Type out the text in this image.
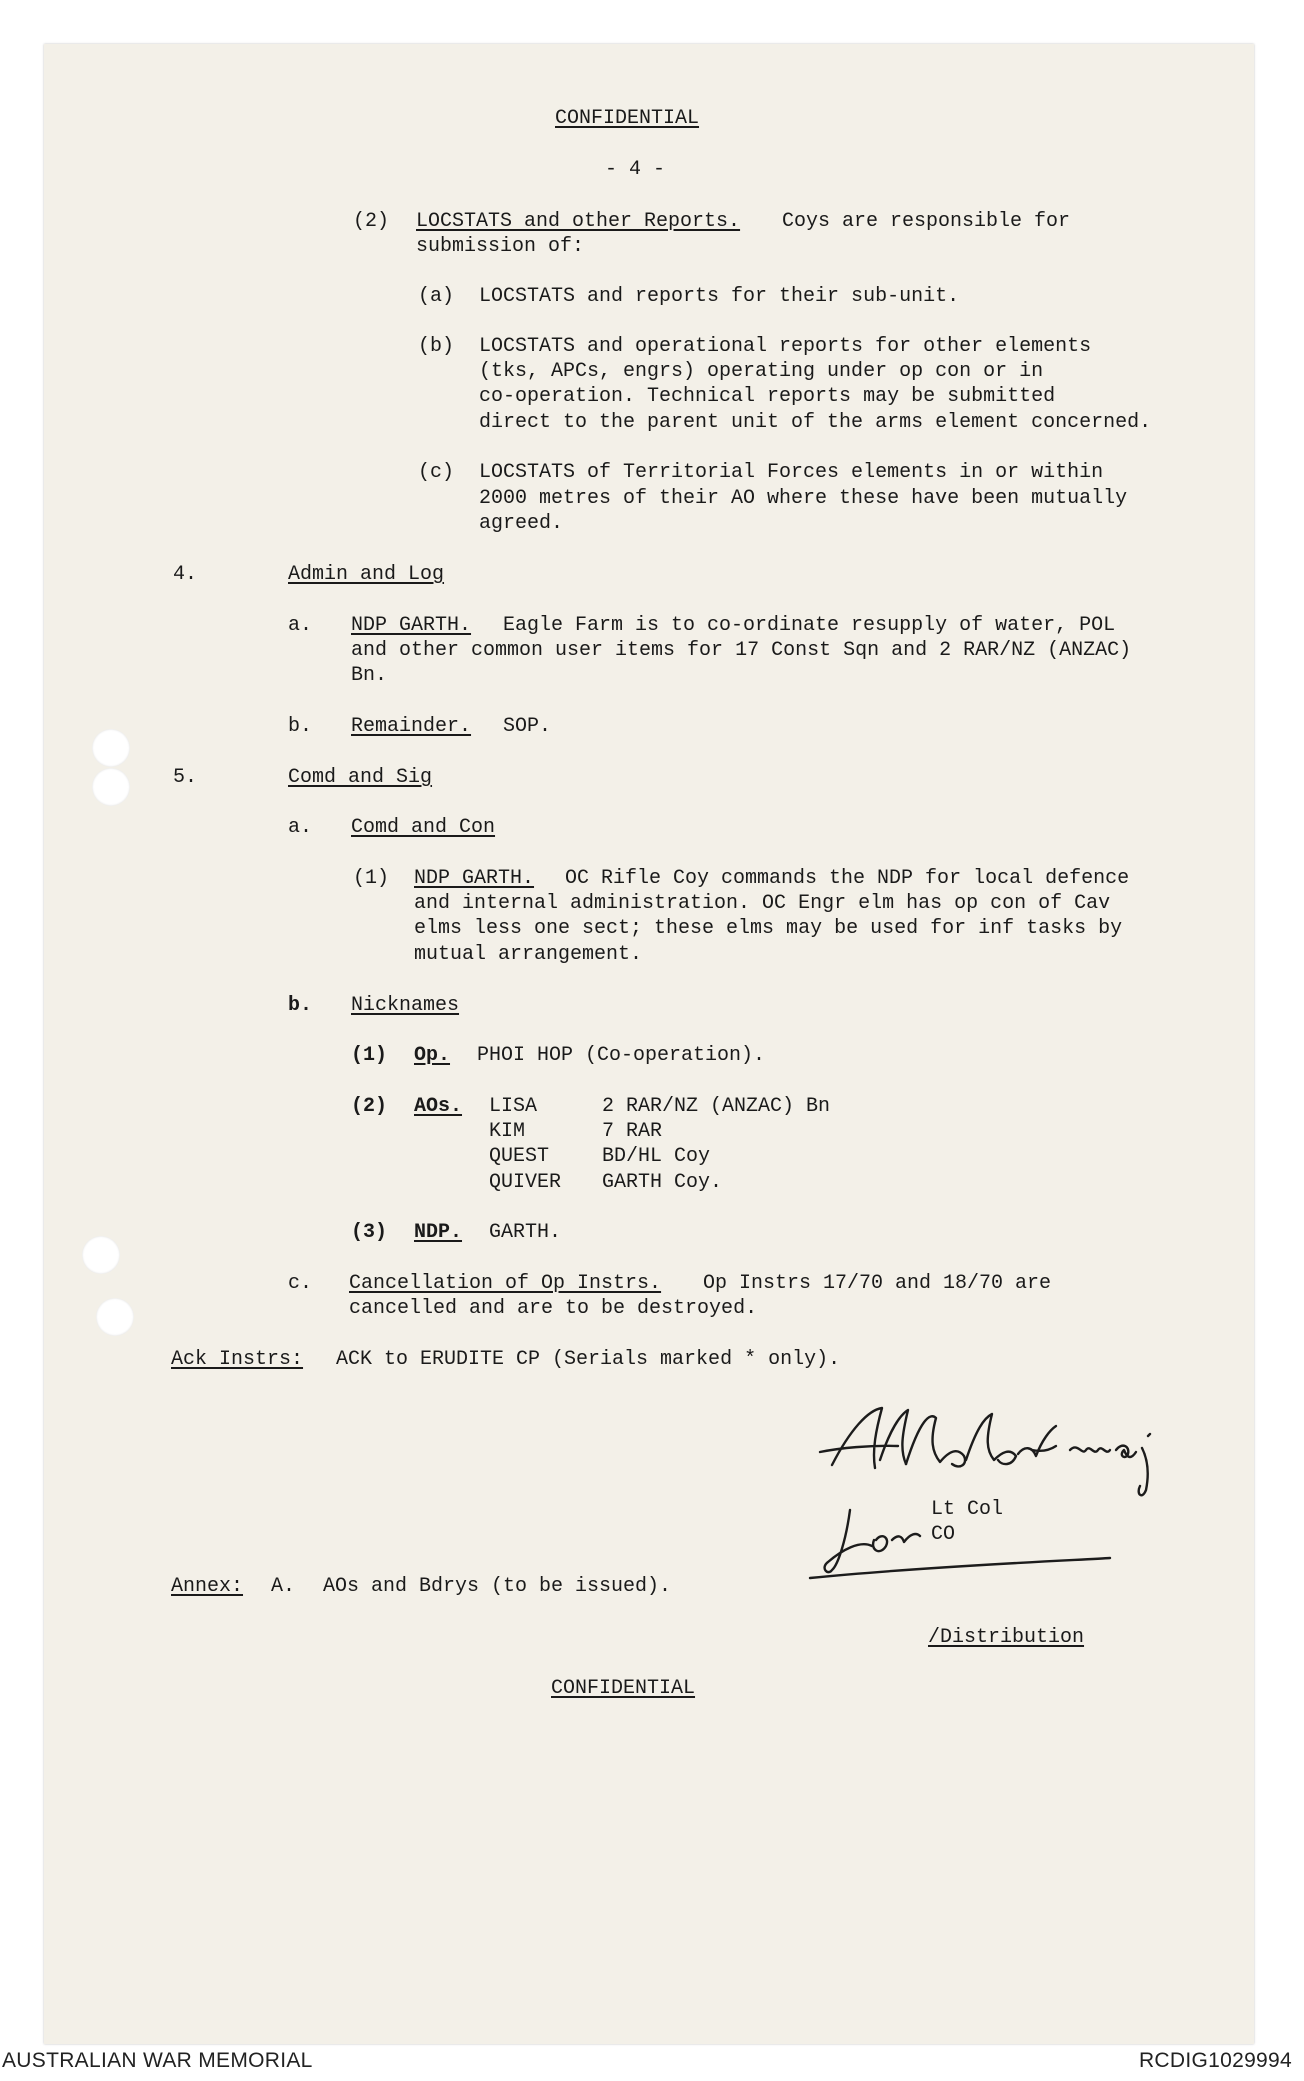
CONFIDENTIAL
- 4 -
(2) LOCSTATS and other Reports. Coys are responsible for
submission of:
(a) LOCSTATS and reports for their sub-unit.
(b) LOCSTATS and operational reports for other elements
(tks, APCs, engrs) operating under op con or in
co-operation. Technical reports may be submitted
direct to the parent unit of the arms element concerned.
(c) LOCSTATS of Territorial Forces elements in or within
2000 metres of their AO where these have been mutually
agreed.
4.	Admin and Log
a. NDP GARTH. Eagle Farm is to co-ordinate resupply of water, POL
and other common user items for 17 Const Sqn and 2 RAR/NZ (ANZAC)
Bn.
b. Remainder. SOP.
5.	Comd and Sig
a. Comd and Con
(1) NDP GARTH. OC Rifle Coy commands the NDP for local defence
and internal administration. OC Engr elm has op con of Cav
elms less one sect; these elms may be used for inf tasks by
mutual arrangement.
b. Nicknames
(1) Op. PHOI HOP (Co-operation).
(2) AOs. LISA	2 RAR/NZ (ANZAC) Bn
KIM	7 RAR
QUEST	BD/HL Coy
QUIVER GARTH Coy.
(3) NDP. GARTH.
c. Cancellation of Op Instrs. Op Instrs 17/70 and 18/70 are
cancelled and are to be destroyed.
Ack Instrs: ACK to ERUDITE CP (Serials marked * only).
Lt Col
CO
Annex: A. AOs and Bdrys (to be issued).
/Distribution
CONFIDENTIAL
AUSTRALIAN WAR MEMORIAL	RCDIG1029994
